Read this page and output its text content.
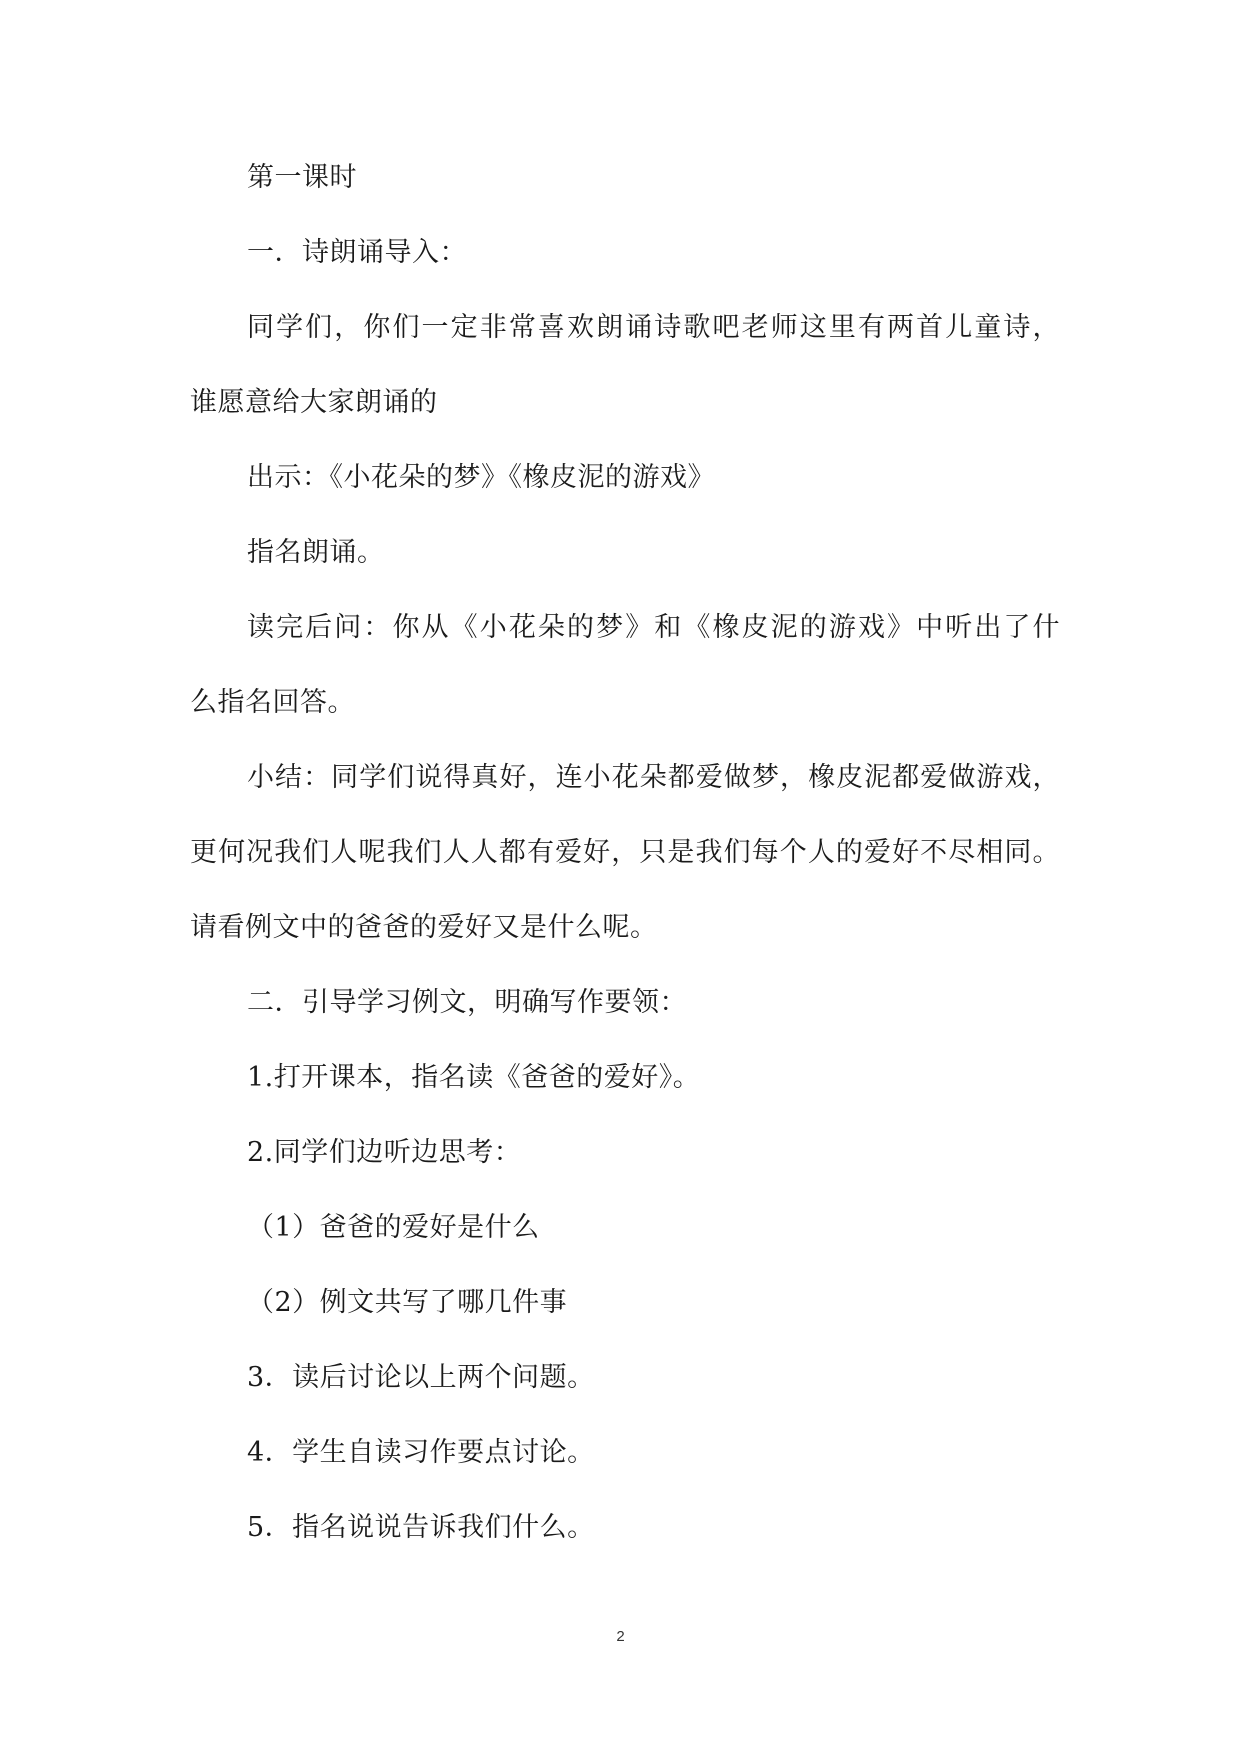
第一课时
一．诗朗诵导入：
同学们，你们一定非常喜欢朗诵诗歌吧老师这里有两首儿童诗，
谁愿意给大家朗诵的
出示：《小花朵的梦》《橡皮泥的游戏》
指名朗诵。
读完后问：你从《小花朵的梦》和《橡皮泥的游戏》中听出了什
么指名回答。
小结：同学们说得真好，连小花朵都爱做梦，橡皮泥都爱做游戏，
更何况我们人呢我们人人都有爱好，只是我们每个人的爱好不尽相同。
请看例文中的爸爸的爱好又是什么呢。
二．引导学习例文，明确写作要领：
1.打开课本，指名读《爸爸的爱好》。
2.同学们边听边思考：
（1）爸爸的爱好是什么
（2）例文共写了哪几件事
3．读后讨论以上两个问题。
4．学生自读习作要点讨论。
5．指名说说告诉我们什么。
2
